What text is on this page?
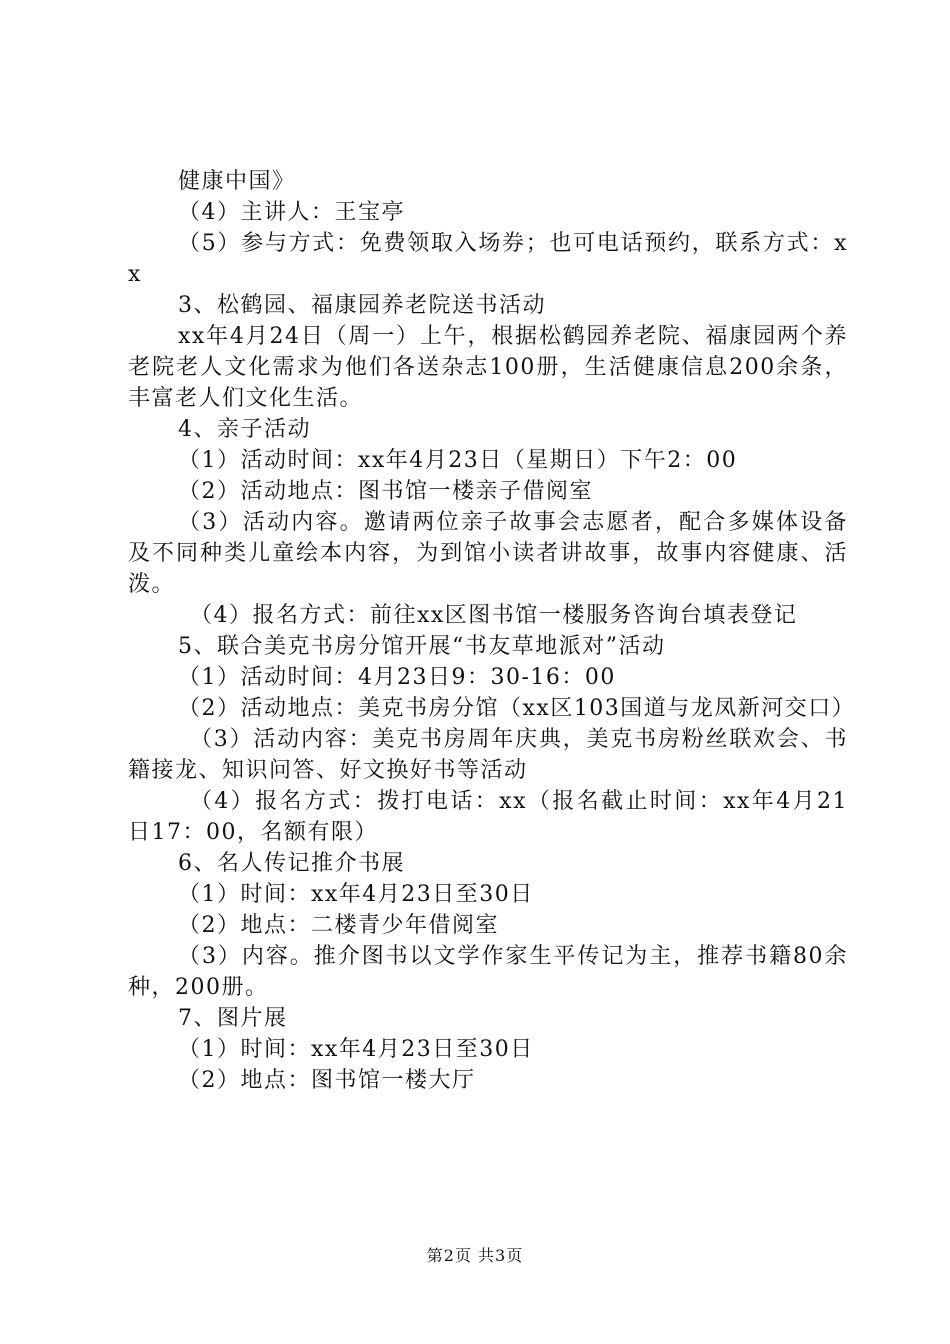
健康中国》

（4）主讲人：王宝亭

（5）参与方式：免费领取入场券；也可电话预约，联系方式：xx

3、松鹤园、福康园养老院送书活动

xx年4月24日（周一）上午，根据松鹤园养老院、福康园两个养老院老人文化需求为他们各送杂志100册，生活健康信息200余条，丰富老人们文化生活。

4、亲子活动

（1）活动时间：xx年4月23日（星期日）下午2：00

（2）活动地点：图书馆一楼亲子借阅室

（3）活动内容。邀请两位亲子故事会志愿者，配合多媒体设备及不同种类儿童绘本内容，为到馆小读者讲故事，故事内容健康、活泼。

（4）报名方式：前往xx区图书馆一楼服务咨询台填表登记

5、联合美克书房分馆开展“书友草地派对”活动

（1）活动时间：4月23日9：30-16：00

（2）活动地点：美克书房分馆（xx区103国道与龙凤新河交口）

（3）活动内容：美克书房周年庆典，美克书房粉丝联欢会、书籍接龙、知识问答、好文换好书等活动

（4）报名方式：拨打电话：xx（报名截止时间：xx年4月21日17：00，名额有限）

6、名人传记推介书展

（1）时间：xx年4月23日至30日

（2）地点：二楼青少年借阅室

（3）内容。推介图书以文学作家生平传记为主，推荐书籍80余种，200册。

7、图片展

（1）时间：xx年4月23日至30日

（2）地点：图书馆一楼大厅

第2页 共3页
